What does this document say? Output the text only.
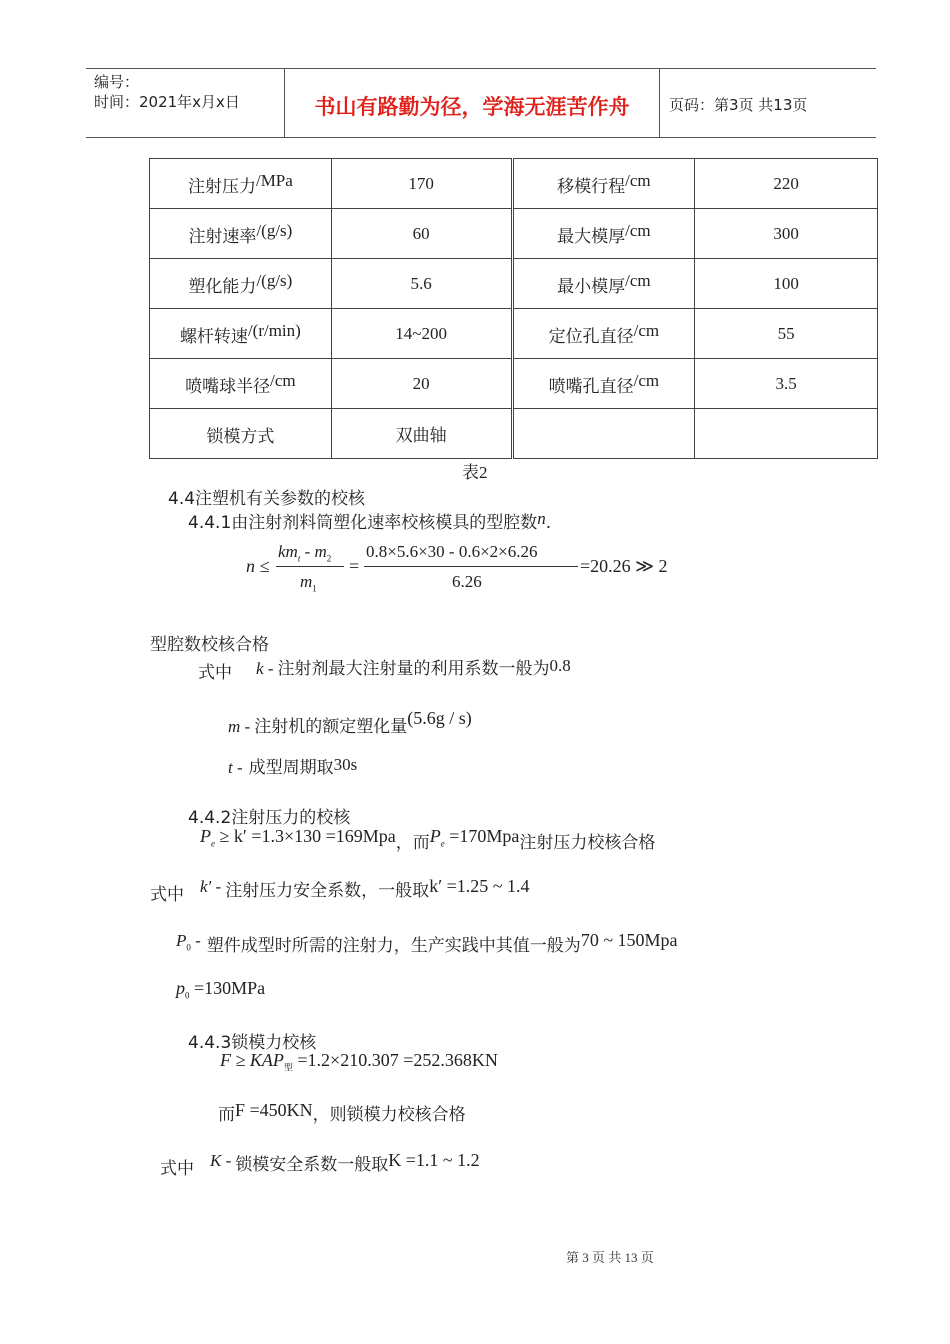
编号：
时间：2021年x月x日	书山有路勤为径，学海无涯苦作舟	页码：第3页 共13页
注射压力/MPa	170	移模行程/cm	220
注射速率/(g/s)	60	最大模厚/cm	300
塑化能力/(g/s)	5.6	最小模厚/cm	100
螺杆转速/(r/min)	14~200	定位孔直径/cm	55
喷嘴球半径/cm	20	喷嘴孔直径/cm	3.5
锁模方式	双曲轴		
表2
4.4注塑机有关参数的校核
4.4.1由注射剂料筒塑化速率校核模具的型腔数n.
n ≤
$km_t - m_2$
$m_1$
=
0.8×5.6×30 - 0.6×2×6.26
6.26
=20.26 ≫ 2
型腔数校核合格
式中 k - 注射剂最大注射量的利用系数一般为0.8
m - 注射机的额定塑化量(5.6g / s)
t - 成型周期取30s
4.4.2注射压力的校核
$P_e \ge k' =1.3\times 130 =169Mpa$，而$P_e =170Mpa$注射压力校核合格
式中 k′ - 注射压力安全系数，一般取k′ =1.25 ~ 1.4
$P_0$ - 塑件成型时所需的注射力，生产实践中其值一般为70 ~ 150Mpa
$p_0 =130MPa$
4.4.3锁模力校核
$F \ge KAP_型 =1.2\times 210.307 =252.368KN$
而F =450KN，则锁模力校核合格
式中 K - 锁模安全系数一般取K =1.1 ~ 1.2
第 3 页 共 13 页
